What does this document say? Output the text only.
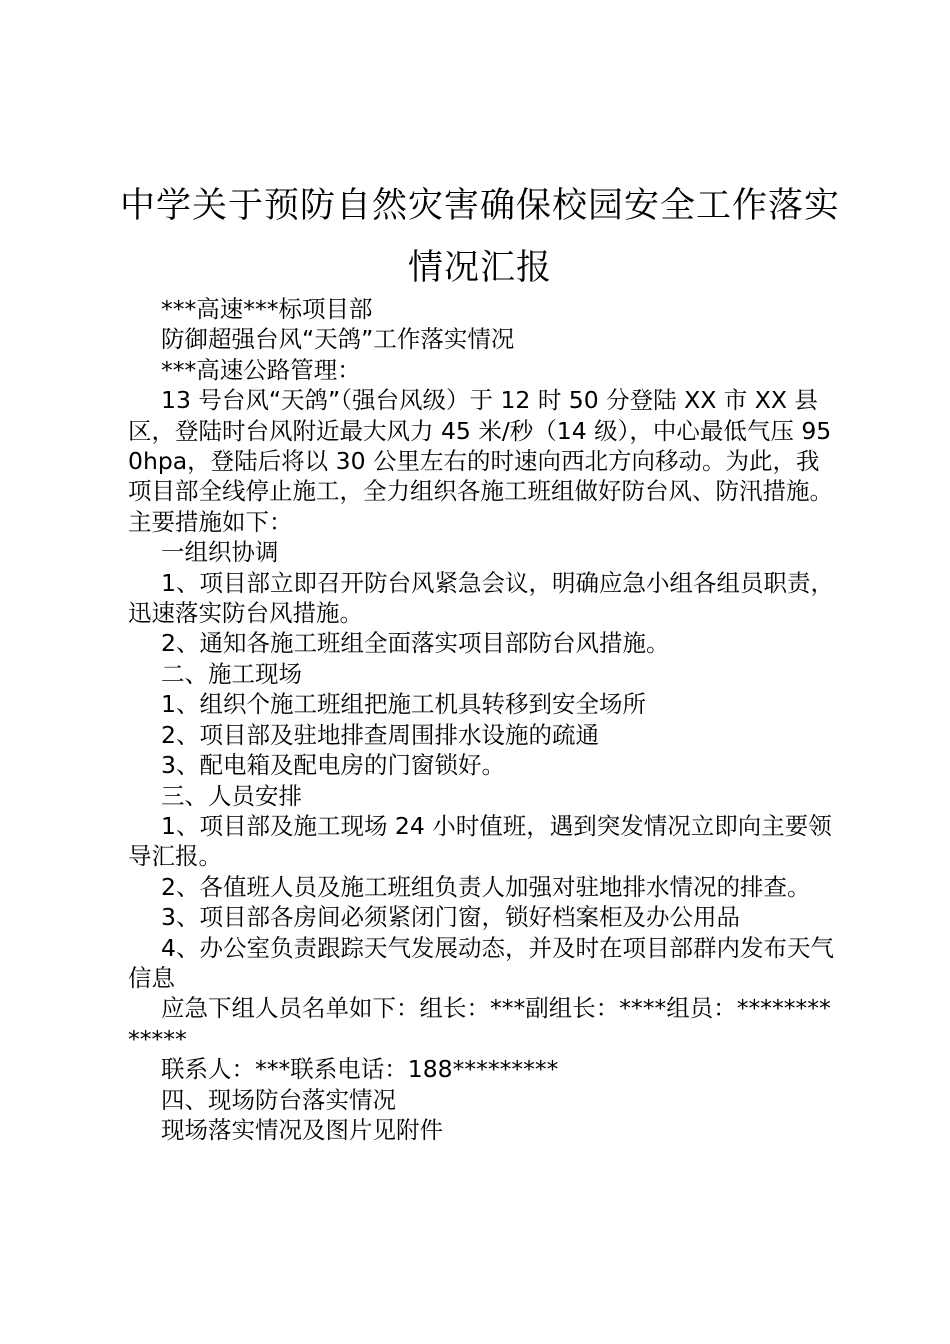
中学关于预防自然灾害确保校园安全工作落实
情况汇报

***高速***标项目部

防御超强台风“天鸽”工作落实情况

***高速公路管理：

13 号台风“天鸽”（强台风级）于 12 时 50 分登陆 XX 市 XX 县区，登陆时台风附近最大风力 45 米/秒（14 级），中心最低气压 950hpa，登陆后将以 30 公里左右的时速向西北方向移动。为此，我项目部全线停止施工，全力组织各施工班组做好防台风、防汛措施。主要措施如下：

一组织协调

1、项目部立即召开防台风紧急会议，明确应急小组各组员职责，迅速落实防台风措施。

2、通知各施工班组全面落实项目部防台风措施。

二、施工现场

1、组织个施工班组把施工机具转移到安全场所

2、项目部及驻地排查周围排水设施的疏通

3、配电箱及配电房的门窗锁好。

三、人员安排

1、项目部及施工现场 24 小时值班，遇到突发情况立即向主要领导汇报。

2、各值班人员及施工班组负责人加强对驻地排水情况的排查。

3、项目部各房间必须紧闭门窗，锁好档案柜及办公用品

4、办公室负责跟踪天气发展动态，并及时在项目部群内发布天气信息

应急下组人员名单如下：组长：***副组长：****组员：*************

联系人：***联系电话：188*********

四、现场防台落实情况

现场落实情况及图片见附件
